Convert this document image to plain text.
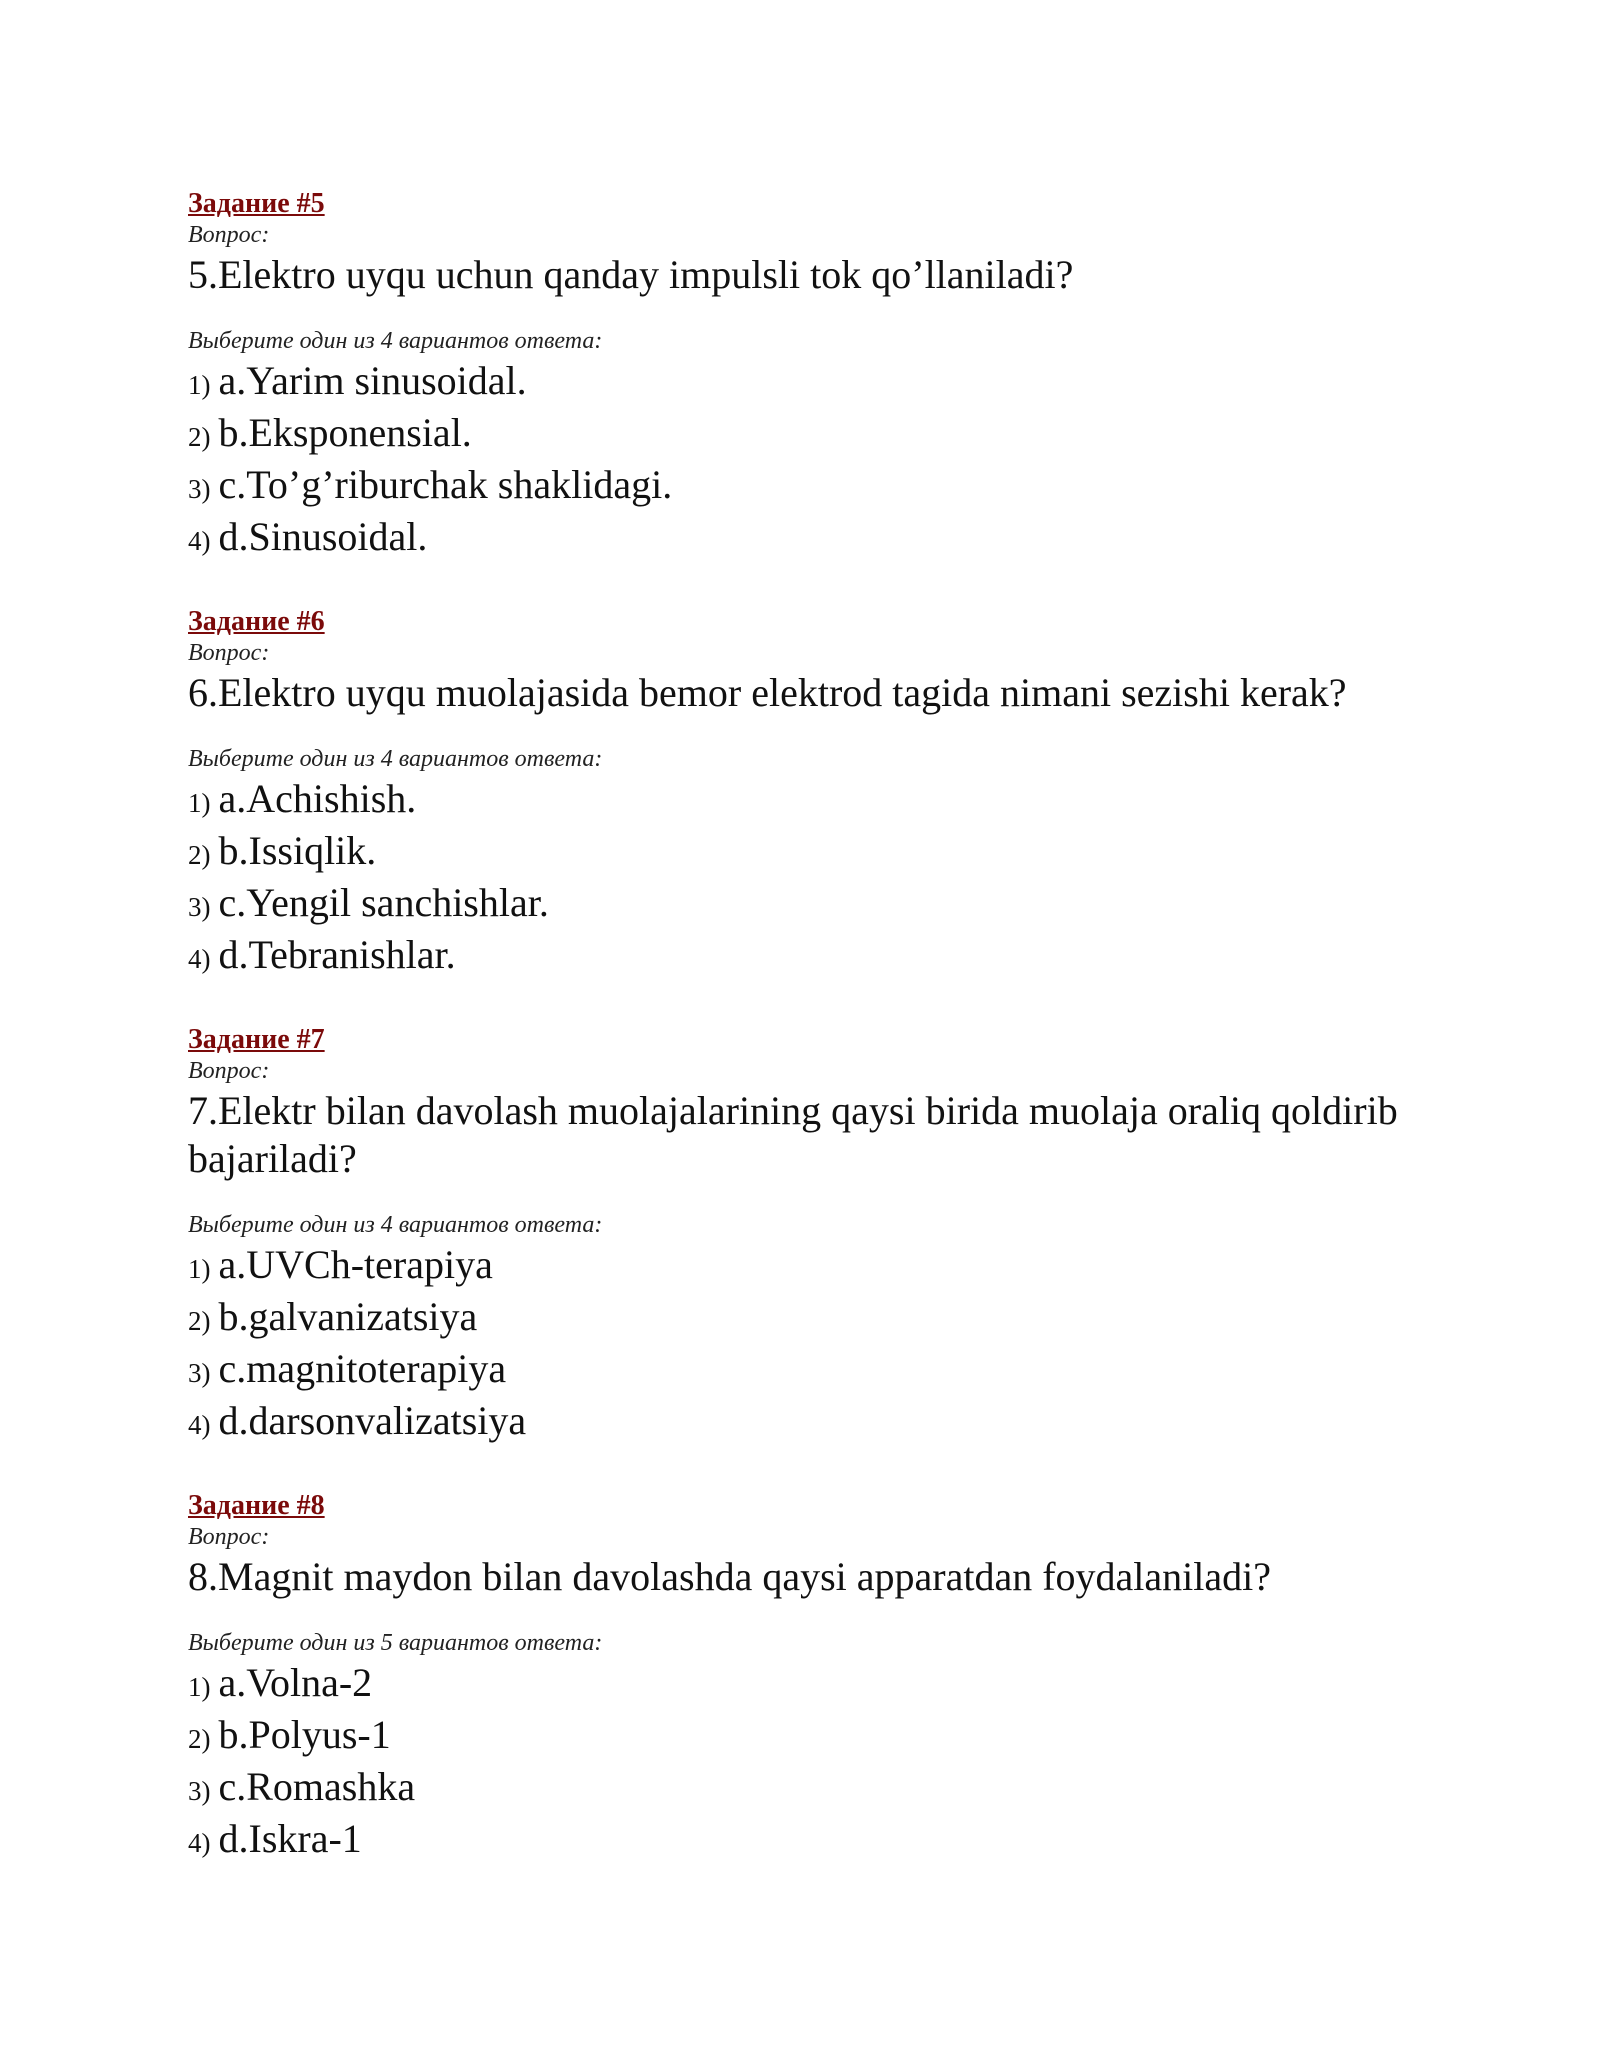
Задание #5
Вопрос:
5.Elektro uyqu uchun qanday impulsli tok qo’llaniladi?
Выберите один из 4 вариантов ответа:
1) a.Yarim sinusoidal.
2) b.Eksponensial.
3) c.To’g’riburchak shaklidagi.
4) d.Sinusoidal.
Задание #6
Вопрос:
6.Elektro uyqu muolajasida bemor elektrod tagida nimani sezishi kerak?
Выберите один из 4 вариантов ответа:
1) a.Achishish.
2) b.Issiqlik.
3) c.Yengil sanchishlar.
4) d.Tebranishlar.
Задание #7
Вопрос:
7.Elektr bilan davolash muolajalarining qaysi birida muolaja oraliq qoldirib bajariladi?
Выберите один из 4 вариантов ответа:
1) a.UVCh-terapiya
2) b.galvanizatsiya
3) c.magnitoterapiya
4) d.darsonvalizatsiya
Задание #8
Вопрос:
8.Magnit maydon bilan davolashda qaysi apparatdan foydalaniladi?
Выберите один из 5 вариантов ответа:
1) a.Volna-2
2) b.Polyus-1
3) c.Romashka
4) d.Iskra-1
